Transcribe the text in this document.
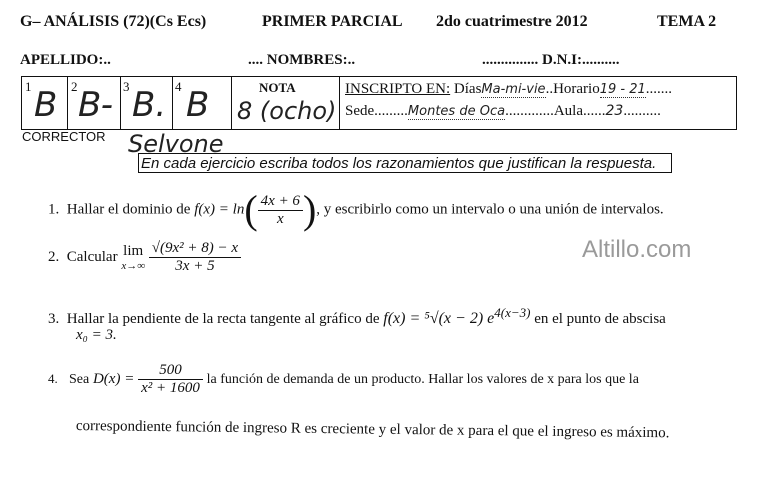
G– ANÁLISIS (72)(Cs Ecs)	PRIMER PARCIAL 2do cuatrimestre 2012	TEMA 2
APELLIDO:..	.... NOMBRES:..	............... D.N.I:..........
1 B 2 B- 3 B. 4 B	NOTA
8 (ocho)
INSCRIPTO EN: DíasMa-mi-vie..Horario19 - 21.......
Sede.........Montes de Oca.............Aula......23..........
CORRECTOR Selvone
En cada ejercicio escriba todos los razonamientos que justifican la respuesta.
Altillo.com
1. Hallar el dominio de $f(x) = \ln( \frac{4x + 6}{x}$ ), y escribirlo como un intervalo o una unión de intervalos.
2. Calcular lim
x→∞
$\frac{\text{√(9x² + 8) − x}}{3x + 5}$
3. Hallar la pendiente de la recta tangente al gráfico de f(x) = ⁵√(x − 2) $e^{4(x-3)}$ en el punto de abscisa
x₀ = 3.
4. Sea $D(x) = \frac{500}{\text{x² + 1600}}$ la función de demanda de un producto. Hallar los valores de x para los que la
correspondiente función de ingreso R es creciente y el valor de x para el que el ingreso es máximo.
